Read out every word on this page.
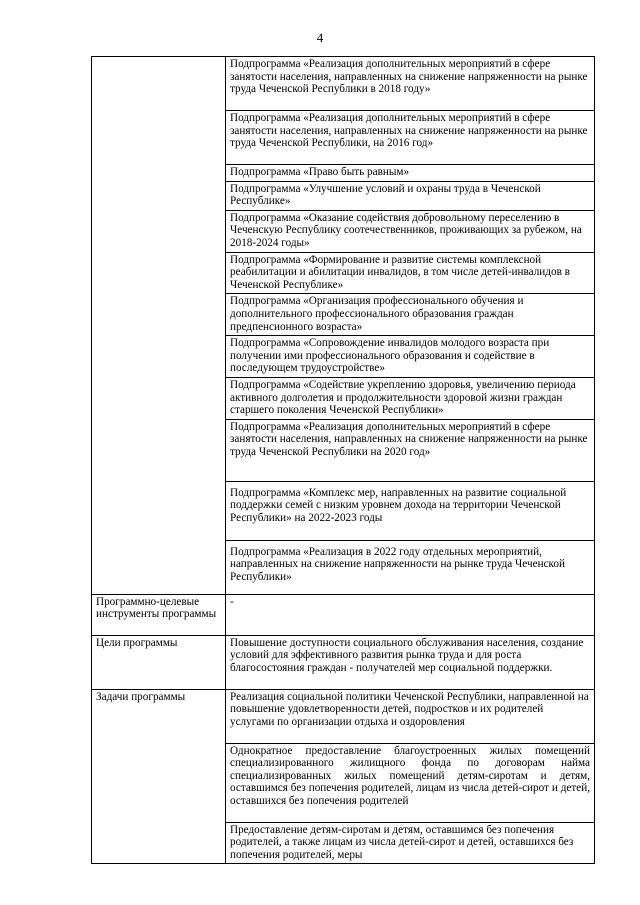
4
	Подпрограмма «Реализация дополнительных мероприятий в сфере занятости населения, направленных на снижение напряженности на рынке труда Чеченской Республики в 2018 году»
	Подпрограмма «Реализация дополнительных мероприятий в сфере занятости населения, направленных на снижение напряженности на рынке труда Чеченской Республики, на 2016 год»
	Подпрограмма «Право быть равным»
	Подпрограмма «Улучшение условий и охраны труда в Чеченской Республике»
	Подпрограмма «Оказание содействия добровольному переселению в Чеченскую Республику соотечественников, проживающих за рубежом, на 2018-2024 годы»
	Подпрограмма «Формирование и развитие системы комплексной реабилитации и абилитации инвалидов, в том числе детей-инвалидов в Чеченской Республике»
	Подпрограмма «Организация профессионального обучения и дополнительного профессионального образования граждан предпенсионного возраста»
	Подпрограмма «Сопровождение инвалидов молодого возраста при получении ими профессионального образования и содействие в последующем трудоустройстве»
	Подпрограмма «Содействие укреплению здоровья, увеличению периода активного долголетия и продолжительности здоровой жизни граждан старшего поколения Чеченской Республики»
	Подпрограмма «Реализация дополнительных мероприятий в сфере занятости населения, направленных на снижение напряженности на рынке труда Чеченской Республики на 2020 год»
	Подпрограмма «Комплекс мер, направленных на развитие социальной поддержки семей с низким уровнем дохода на территории Чеченской Республики» на 2022-2023 годы
	Подпрограмма «Реализация в 2022 году отдельных мероприятий, направленных на снижение напряженности на рынке труда Чеченской Республики»
Программно-целевые инструменты программы	-
Цели программы	Повышение доступности социального обслуживания населения, создание условий для эффективного развития рынка труда и для роста благосостояния граждан - получателей мер социальной поддержки.
Задачи программы	Реализация социальной политики Чеченской Республики, направленной на повышение удовлетворенности детей, подростков и их родителей услугами по организации отдыха и оздоровления
	Однократное предоставление благоустроенных жилых помещений специализированного жилищного фонда по договорам найма специализированных жилых помещений детям-сиротам и детям, оставшимся без попечения родителей, лицам из числа детей-сирот и детей, оставшихся без попечения родителей
	Предоставление детям-сиротам и детям, оставшимся без попечения родителей, а также лицам из числа детей-сирот и детей, оставшихся без попечения родителей, меры
